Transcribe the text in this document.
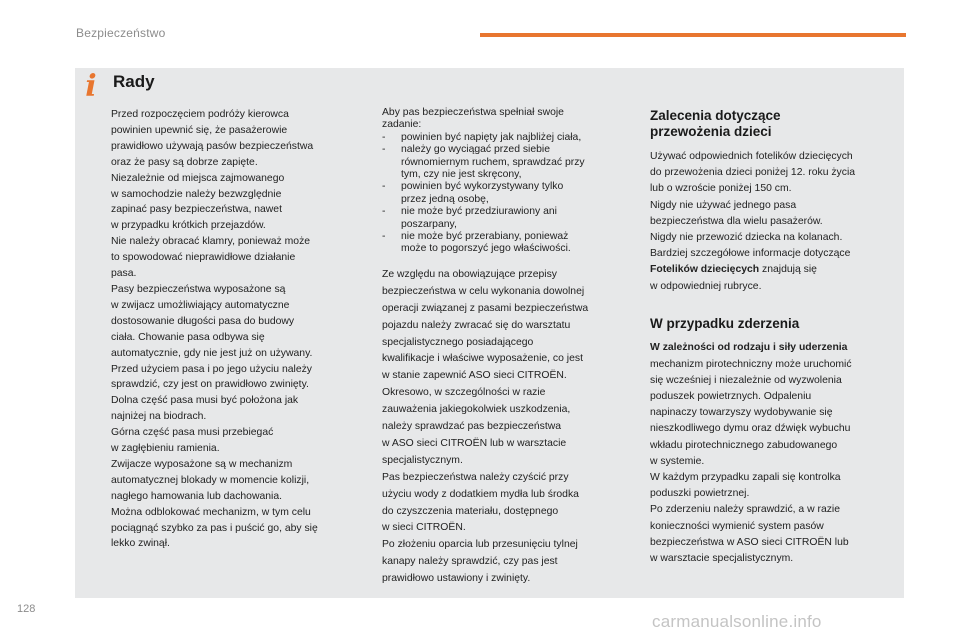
Bezpieczeństwo
i Rady
Przed rozpoczęciem podróży kierowca
powinien upewnić się, że pasażerowie
prawidłowo używają pasów bezpieczeństwa
oraz że pasy są dobrze zapięte.
Niezależnie od miejsca zajmowanego
w samochodzie należy bezwzględnie
zapinać pasy bezpieczeństwa, nawet
w przypadku krótkich przejazdów.
Nie należy obracać klamry, ponieważ może
to spowodować nieprawidłowe działanie
pasa.
Pasy bezpieczeństwa wyposażone są
w zwijacz umożliwiający automatyczne
dostosowanie długości pasa do budowy
ciała. Chowanie pasa odbywa się
automatycznie, gdy nie jest już on używany.
Przed użyciem pasa i po jego użyciu należy
sprawdzić, czy jest on prawidłowo zwinięty.
Dolna część pasa musi być położona jak
najniżej na biodrach.
Górna część pasa musi przebiegać
w zagłębieniu ramienia.
Zwijacze wyposażone są w mechanizm
automatycznej blokady w momencie kolizji,
nagłego hamowania lub dachowania.
Można odblokować mechanizm, w tym celu
pociągnąć szybko za pas i puścić go, aby się
lekko zwinął.
Aby pas bezpieczeństwa spełniał swoje
zadanie:
- powinien być napięty jak najbliżej ciała,
- należy go wyciągać przed siebie
równomiernym ruchem, sprawdzać przy
tym, czy nie jest skręcony,
- powinien być wykorzystywany tylko
przez jedną osobę,
- nie może być przedziurawiony ani
poszarpany,
- nie może być przerabiany, ponieważ
może to pogorszyć jego właściwości.
Ze względu na obowiązujące przepisy
bezpieczeństwa w celu wykonania dowolnej
operacji związanej z pasami bezpieczeństwa
pojazdu należy zwracać się do warsztatu
specjalistycznego posiadającego
kwalifikacje i właściwe wyposażenie, co jest
w stanie zapewnić ASO sieci CITROËN.
Okresowo, w szczególności w razie
zauważenia jakiegokolwiek uszkodzenia,
należy sprawdzać pas bezpieczeństwa
w ASO sieci CITROËN lub w warsztacie
specjalistycznym.
Pas bezpieczeństwa należy czyścić przy
użyciu wody z dodatkiem mydła lub środka
do czyszczenia materiału, dostępnego
w sieci CITROËN.
Po złożeniu oparcia lub przesunięciu tylnej
kanapy należy sprawdzić, czy pas jest
prawidłowo ustawiony i zwinięty.

Zalecenia dotyczące
przewożenia dzieci

Używać odpowiednich fotelików dziecięcych
do przewożenia dzieci poniżej 12. roku życia
lub o wzroście poniżej 150 cm.
Nigdy nie używać jednego pasa
bezpieczeństwa dla wielu pasażerów.
Nigdy nie przewozić dziecka na kolanach.
Bardziej szczegółowe informacje dotyczące
Fotelików dziecięcych znajdują się
w odpowiedniej rubryce.

W przypadku zderzenia

W zależności od rodzaju i siły uderzenia
mechanizm pirotechniczny może uruchomić
się wcześniej i niezależnie od wyzwolenia
poduszek powietrznych. Odpaleniu
napinaczy towarzyszy wydobywanie się
nieszkodliwego dymu oraz dźwięk wybuchu
wkładu pirotechnicznego zabudowanego
w systemie.
W każdym przypadku zapali się kontrolka
poduszki powietrznej.
Po zderzeniu należy sprawdzić, a w razie
konieczności wymienić system pasów
bezpieczeństwa w ASO sieci CITROËN lub
w warsztacie specjalistycznym.
128
carmanualsonline.info
